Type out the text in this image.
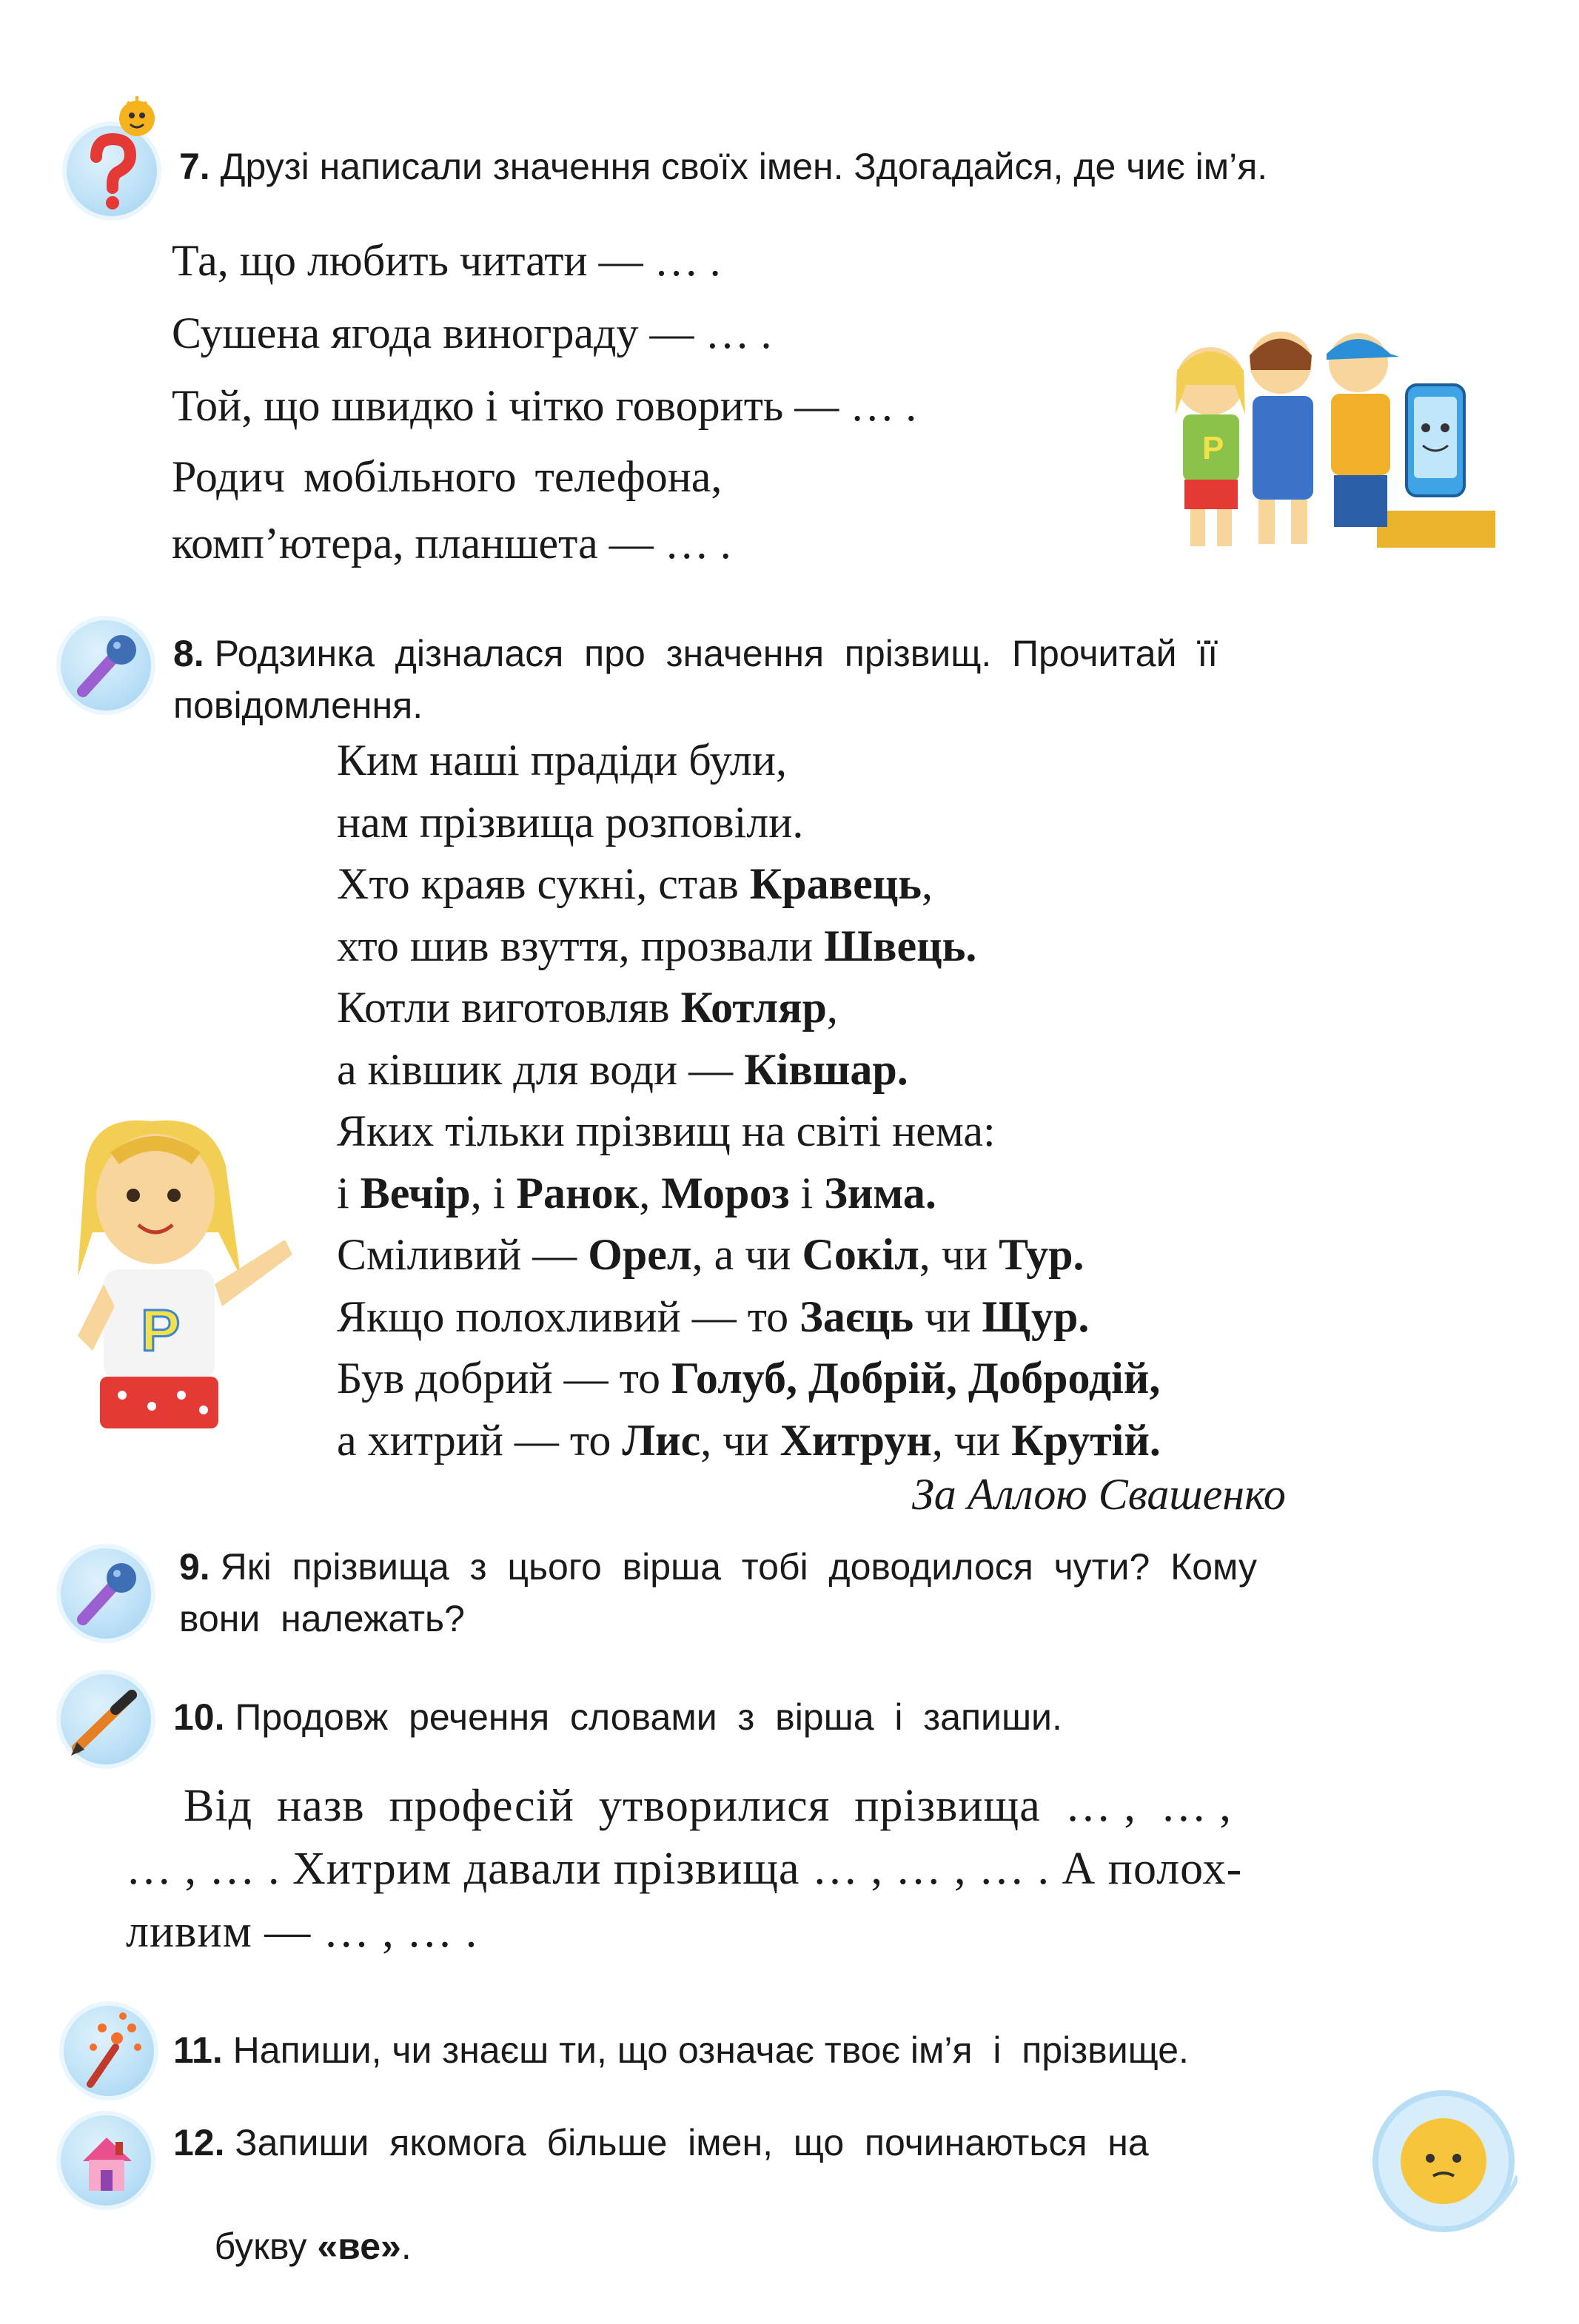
7. Друзі написали значення своїх імен. Здогадайся, де чиє ім’я.
Та, що любить читати — … .
Сушена ягода винограду — … .
Той, що швидко і чітко говорить — … .
Родич мобільного телефона,
комп’ютера, планшета — … .
P
8. Родзинка  дізналася  про  значення  прізвищ.  Прочитай  її
повідомлення.
Ким наші прадіди були,
нам прізвища розповіли.
Хто краяв сукні, став Кравець,
хто шив взуття, прозвали Швець.
Котли виготовляв Котляр,
а ківшик для води — Ківшар.
Яких тільки прізвищ на світі нема:
і Вечір, і Ранок, Мороз і Зима.
Сміливий — Орел, а чи Сокіл, чи Тур.
Якщо полохливий — то Заєць чи Щур.
Був добрий — то Голуб, Добрій, Добродій,
а хитрий — то Лис, чи Хитрун, чи Крутій.
За Аллою Свашенко
P
9. Які  прізвища  з  цього  вірша  тобі  доводилося  чути?  Кому
вони  належать?
10. Продовж  речення  словами  з  вірша  і  запиши.
Від  назв  професій  утворилися  прізвища  … ,  … ,
… , … . Хитрим давали прізвища … , … , … . А полох-
ливим — … , … .
11. Напиши, чи знаєш ти, що означає твоє ім’я  і  прізвище.
12. Запиши  якомога  більше  імен,  що  починаються  на

букву «ве».
